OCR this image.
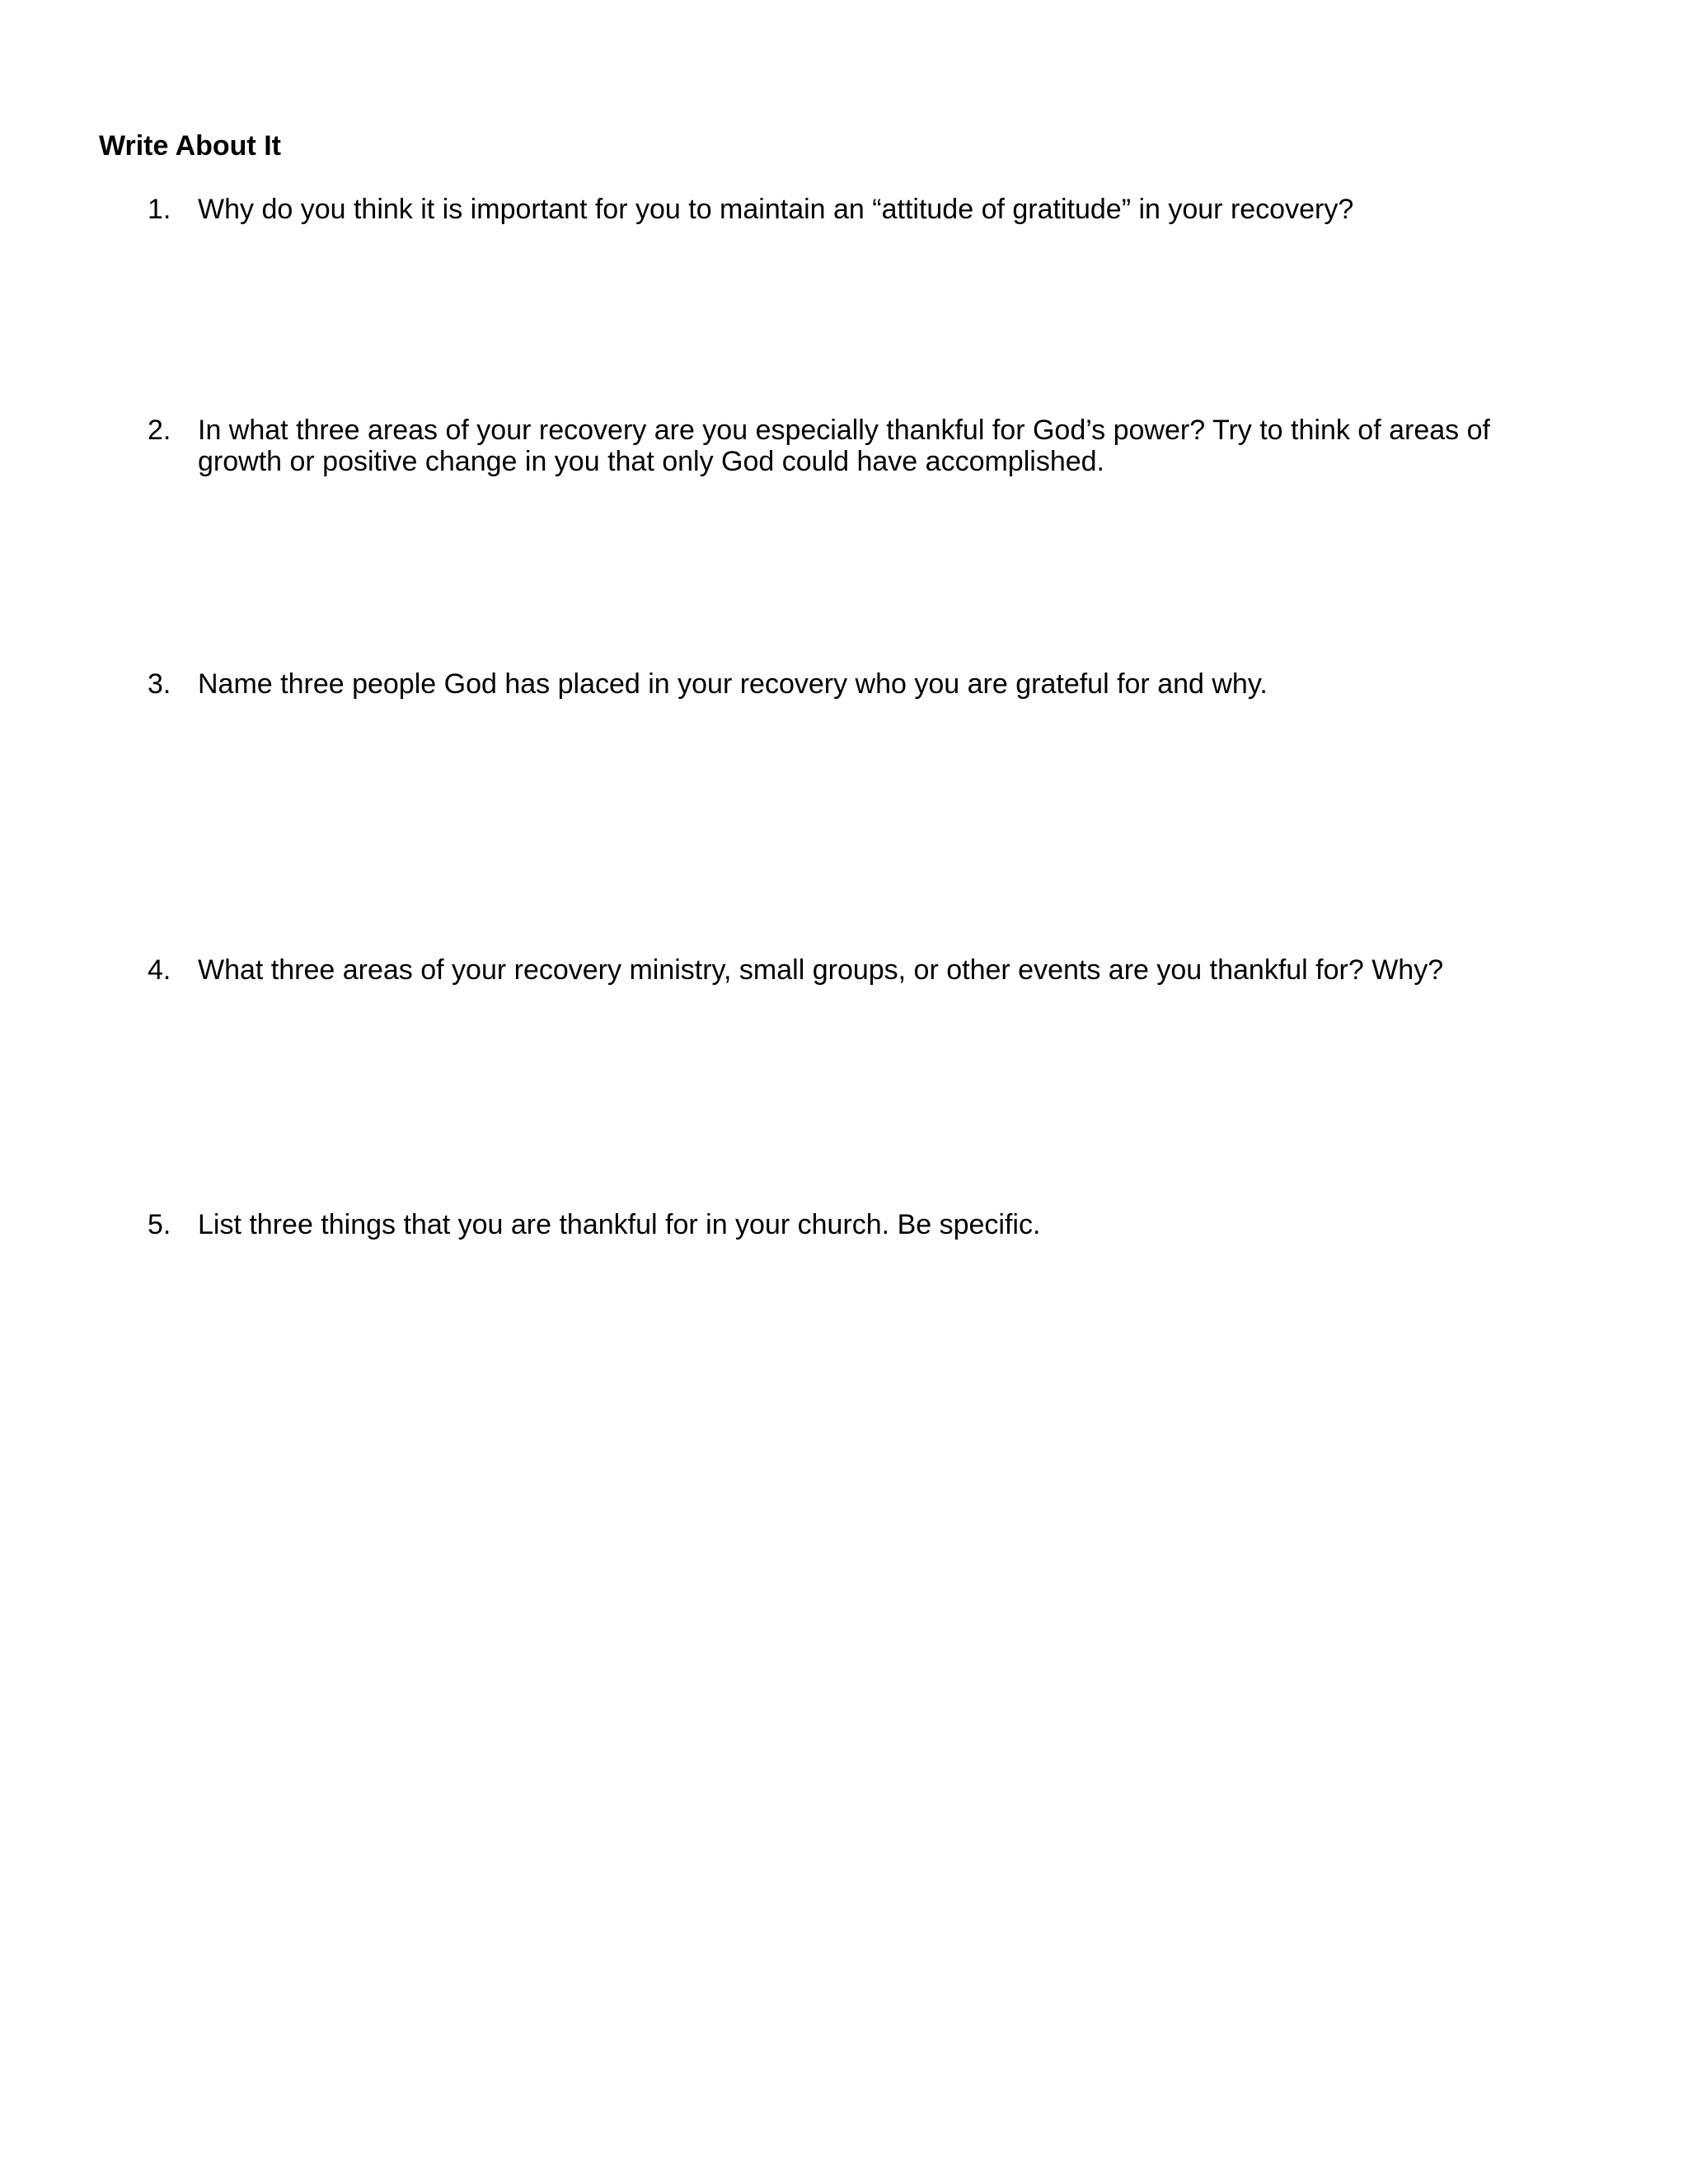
Write About It
1. Why do you think it is important for you to maintain an “attitude of gratitude” in your recovery?
2. In what three areas of your recovery are you especially thankful for God’s power? Try to think of areas of growth or positive change in you that only God could have accomplished.
3. Name three people God has placed in your recovery who you are grateful for and why.
4. What three areas of your recovery ministry, small groups, or other events are you thankful for? Why?
5. List three things that you are thankful for in your church. Be specific.
